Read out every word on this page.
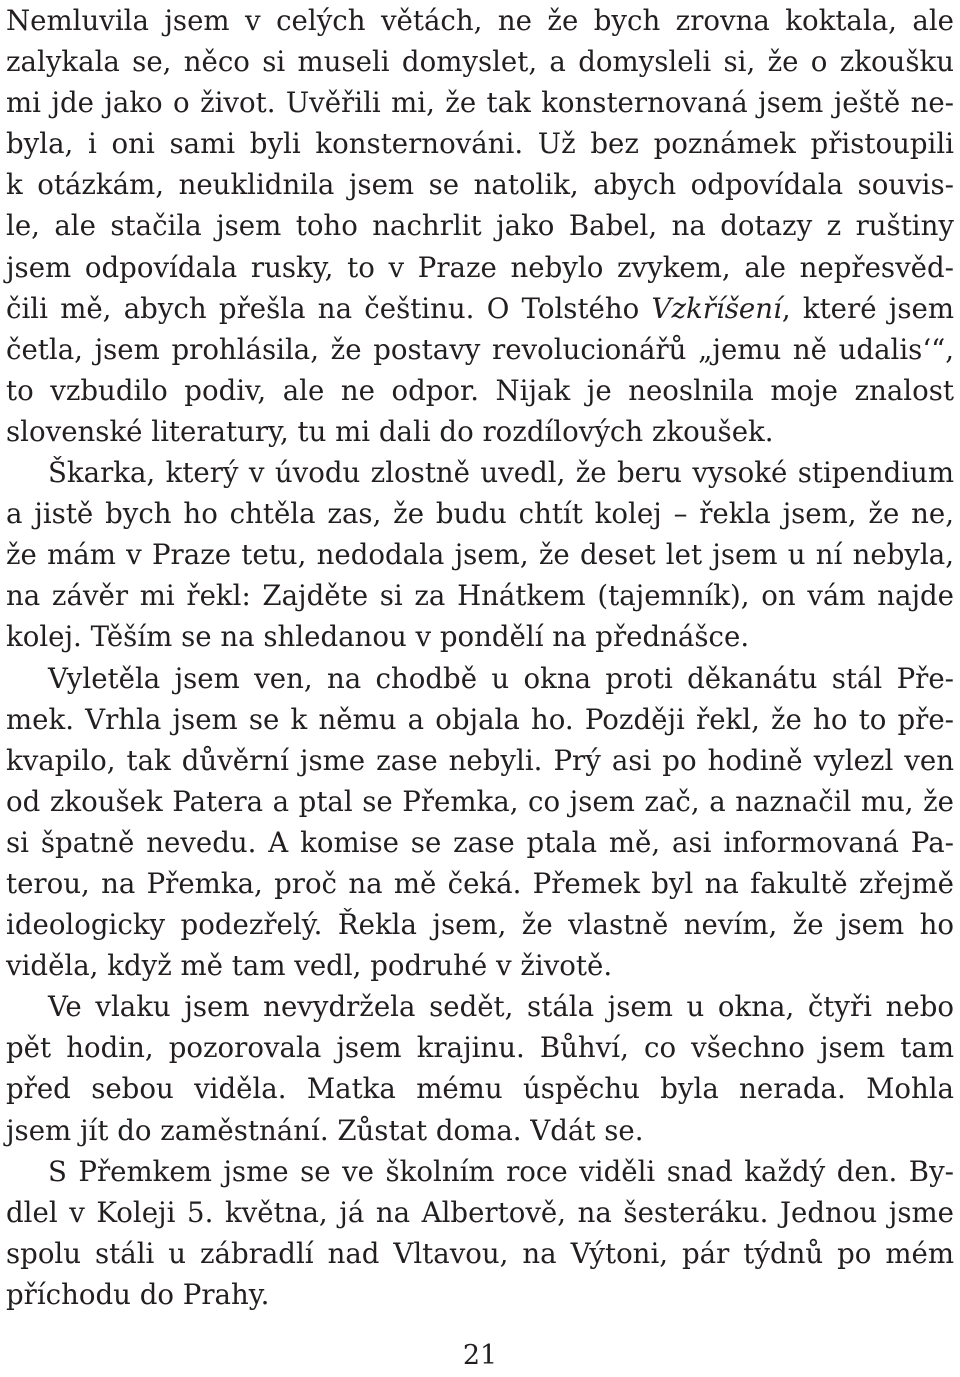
Nemluvila jsem v celých větách, ne že bych zrovna koktala, ale
zalykala se, něco si museli domyslet, a domysleli si, že o zkoušku
mi jde jako o život. Uvěřili mi, že tak konsternovaná jsem ještě ne-
byla, i oni sami byli konsternováni. Už bez poznámek přistoupili
k otázkám, neuklidnila jsem se natolik, abych odpovídala souvis-
le, ale stačila jsem toho nachrlit jako Babel, na dotazy z ruštiny
jsem odpovídala rusky, to v Praze nebylo zvykem, ale nepřesvěd-
čili mě, abych přešla na češtinu. O Tolstého Vzkříšení, které jsem
četla, jsem prohlásila, že postavy revolucionářů „jemu ně udalis‘“,
to vzbudilo podiv, ale ne odpor. Nijak je neoslnila moje znalost
slovenské literatury, tu mi dali do rozdílových zkoušek.
Škarka, který v úvodu zlostně uvedl, že beru vysoké stipendium
a jistě bych ho chtěla zas, že budu chtít kolej – řekla jsem, že ne,
že mám v Praze tetu, nedodala jsem, že deset let jsem u ní nebyla,
na závěr mi řekl: Zajděte si za Hnátkem (tajemník), on vám najde
kolej. Těším se na shledanou v pondělí na přednášce.
Vyletěla jsem ven, na chodbě u okna proti děkanátu stál Pře-
mek. Vrhla jsem se k němu a objala ho. Později řekl, že ho to pře-
kvapilo, tak důvěrní jsme zase nebyli. Prý asi po hodině vylezl ven
od zkoušek Patera a ptal se Přemka, co jsem zač, a naznačil mu, že
si špatně nevedu. A komise se zase ptala mě, asi informovaná Pa-
terou, na Přemka, proč na mě čeká. Přemek byl na fakultě zřejmě
ideologicky podezřelý. Řekla jsem, že vlastně nevím, že jsem ho
viděla, když mě tam vedl, podruhé v životě.
Ve vlaku jsem nevydržela sedět, stála jsem u okna, čtyři nebo
pět hodin, pozorovala jsem krajinu. Bůhví, co všechno jsem tam
před sebou viděla. Matka mému úspěchu byla nerada. Mohla
jsem jít do zaměstnání. Zůstat doma. Vdát se.
S Přemkem jsme se ve školním roce viděli snad každý den. By-
dlel v Koleji 5. května, já na Albertově, na šesteráku. Jednou jsme
spolu stáli u zábradlí nad Vltavou, na Výtoni, pár týdnů po mém
příchodu do Prahy.
21
